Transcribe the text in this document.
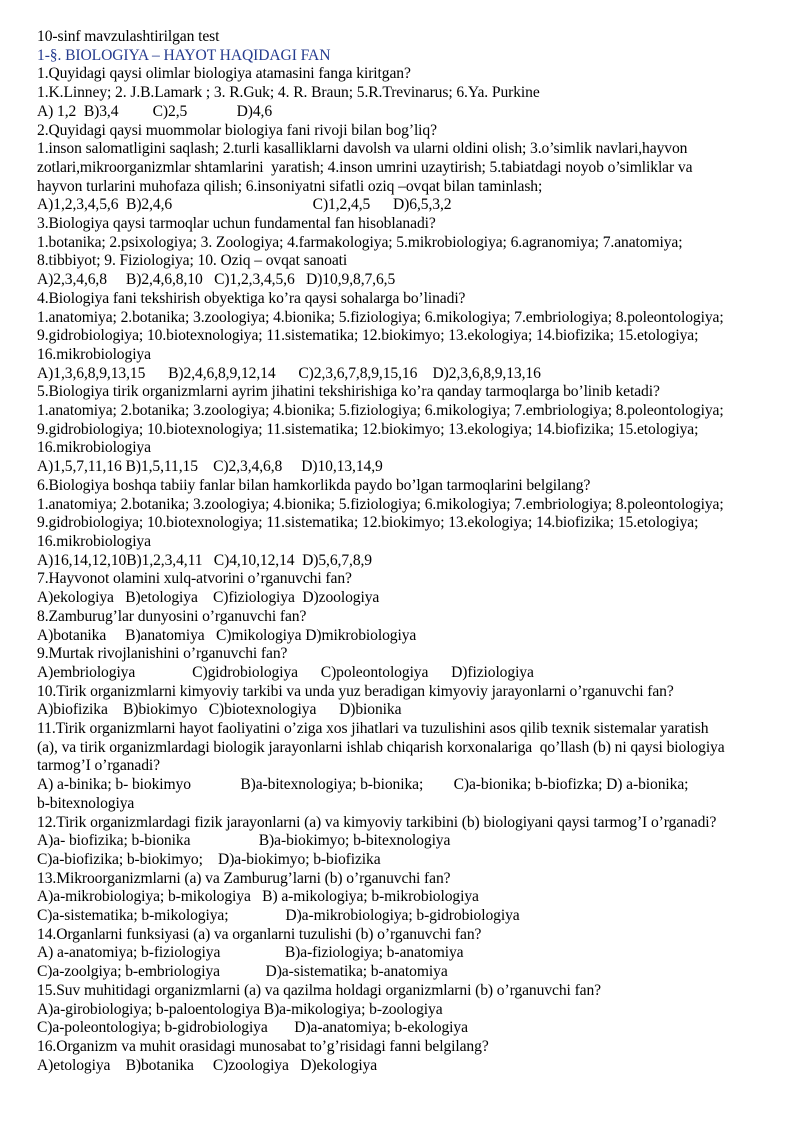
10-sinf mavzulashtirilgan test

1-§. BIOLOGIYA – HAYOT HAQIDAGI FAN

1.Quyidagi qaysi olimlar biologiya atamasini fanga kiritgan?

1.K.Linney; 2. J.B.Lamark ; 3. R.Guk; 4. R. Braun; 5.R.Trevinarus; 6.Ya. Purkine

A) 1,2  B)3,4         C)2,5             D)4,6

2.Quyidagi qaysi muommolar biologiya fani rivoji bilan bog’liq?

1.inson salomatligini saqlash; 2.turli kasalliklarni davolsh va ularni oldini olish; 3.o’simlik navlari,hayvon

zotlari,mikroorganizmlar shtamlarini  yaratish; 4.inson umrini uzaytirish; 5.tabiatdagi noyob o’simliklar va

hayvon turlarini muhofaza qilish; 6.insoniyatni sifatli oziq –ovqat bilan taminlash;

A)1,2,3,4,5,6  B)2,4,6                                     C)1,2,4,5      D)6,5,3,2

3.Biologiya qaysi tarmoqlar uchun fundamental fan hisoblanadi?

1.botanika; 2.psixologiya; 3. Zoologiya; 4.farmakologiya; 5.mikrobiologiya; 6.agranomiya; 7.anatomiya;

8.tibbiyot; 9. Fiziologiya; 10. Oziq – ovqat sanoati

A)2,3,4,6,8     B)2,4,6,8,10   C)1,2,3,4,5,6   D)10,9,8,7,6,5

4.Biologiya fani tekshirish obyektiga ko’ra qaysi sohalarga bo’linadi?

1.anatomiya; 2.botanika; 3.zoologiya; 4.bionika; 5.fiziologiya; 6.mikologiya; 7.embriologiya; 8.poleontologiya;

9.gidrobiologiya; 10.biotexnologiya; 11.sistematika; 12.biokimyo; 13.ekologiya; 14.biofizika; 15.etologiya;

16.mikrobiologiya

A)1,3,6,8,9,13,15      B)2,4,6,8,9,12,14      C)2,3,6,7,8,9,15,16    D)2,3,6,8,9,13,16

5.Biologiya tirik organizmlarni ayrim jihatini tekshirishiga ko’ra qanday tarmoqlarga bo’linib ketadi?

1.anatomiya; 2.botanika; 3.zoologiya; 4.bionika; 5.fiziologiya; 6.mikologiya; 7.embriologiya; 8.poleontologiya;

9.gidrobiologiya; 10.biotexnologiya; 11.sistematika; 12.biokimyo; 13.ekologiya; 14.biofizika; 15.etologiya;

16.mikrobiologiya

A)1,5,7,11,16 B)1,5,11,15    C)2,3,4,6,8     D)10,13,14,9

6.Biologiya boshqa tabiiy fanlar bilan hamkorlikda paydo bo’lgan tarmoqlarini belgilang?

1.anatomiya; 2.botanika; 3.zoologiya; 4.bionika; 5.fiziologiya; 6.mikologiya; 7.embriologiya; 8.poleontologiya;

9.gidrobiologiya; 10.biotexnologiya; 11.sistematika; 12.biokimyo; 13.ekologiya; 14.biofizika; 15.etologiya;

16.mikrobiologiya

A)16,14,12,10B)1,2,3,4,11   C)4,10,12,14  D)5,6,7,8,9

7.Hayvonot olamini xulq-atvorini o’rganuvchi fan?

A)ekologiya   B)etologiya    C)fiziologiya  D)zoologiya

8.Zamburug’lar dunyosini o’rganuvchi fan?

A)botanika     B)anatomiya   C)mikologiya D)mikrobiologiya

9.Murtak rivojlanishini o’rganuvchi fan?

A)embriologiya               C)gidrobiologiya      C)poleontologiya      D)fiziologiya

10.Tirik organizmlarni kimyoviy tarkibi va unda yuz beradigan kimyoviy jarayonlarni o’rganuvchi fan?

A)biofizika    B)biokimyo   C)biotexnologiya      D)bionika

11.Tirik organizmlarni hayot faoliyatini o’ziga xos jihatlari va tuzulishini asos qilib texnik sistemalar yaratish

(a), va tirik organizmlardagi biologik jarayonlarni ishlab chiqarish korxonalariga  qo’llash (b) ni qaysi biologiya

tarmog’I o’rganadi?

A) a-binika; b- biokimyo             B)a-bitexnologiya; b-bionika;        C)a-bionika; b-biofizka; D) a-bionika;

b-bitexnologiya

12.Tirik organizmlardagi fizik jarayonlarni (a) va kimyoviy tarkibini (b) biologiyani qaysi tarmog’I o’rganadi?

A)a- biofizika; b-bionika                  B)a-biokimyo; b-bitexnologiya

C)a-biofizika; b-biokimyo;    D)a-biokimyo; b-biofizika

13.Mikroorganizmlarni (a) va Zamburug’larni (b) o’rganuvchi fan?

A)a-mikrobiologiya; b-mikologiya   B) a-mikologiya; b-mikrobiologiya

C)a-sistematika; b-mikologiya;               D)a-mikrobiologiya; b-gidrobiologiya

14.Organlarni funksiyasi (a) va organlarni tuzulishi (b) o’rganuvchi fan?

A) a-anatomiya; b-fiziologiya                 B)a-fiziologiya; b-anatomiya

C)a-zoolgiya; b-embriologiya            D)a-sistematika; b-anatomiya

15.Suv muhitidagi organizmlarni (a) va qazilma holdagi organizmlarni (b) o’rganuvchi fan?

A)a-girobiologiya; b-paloentologiya B)a-mikologiya; b-zoologiya

C)a-poleontologiya; b-gidrobiologiya       D)a-anatomiya; b-ekologiya

16.Organizm va muhit orasidagi munosabat to’g’risidagi fanni belgilang?

A)etologiya    B)botanika     C)zoologiya   D)ekologiya
